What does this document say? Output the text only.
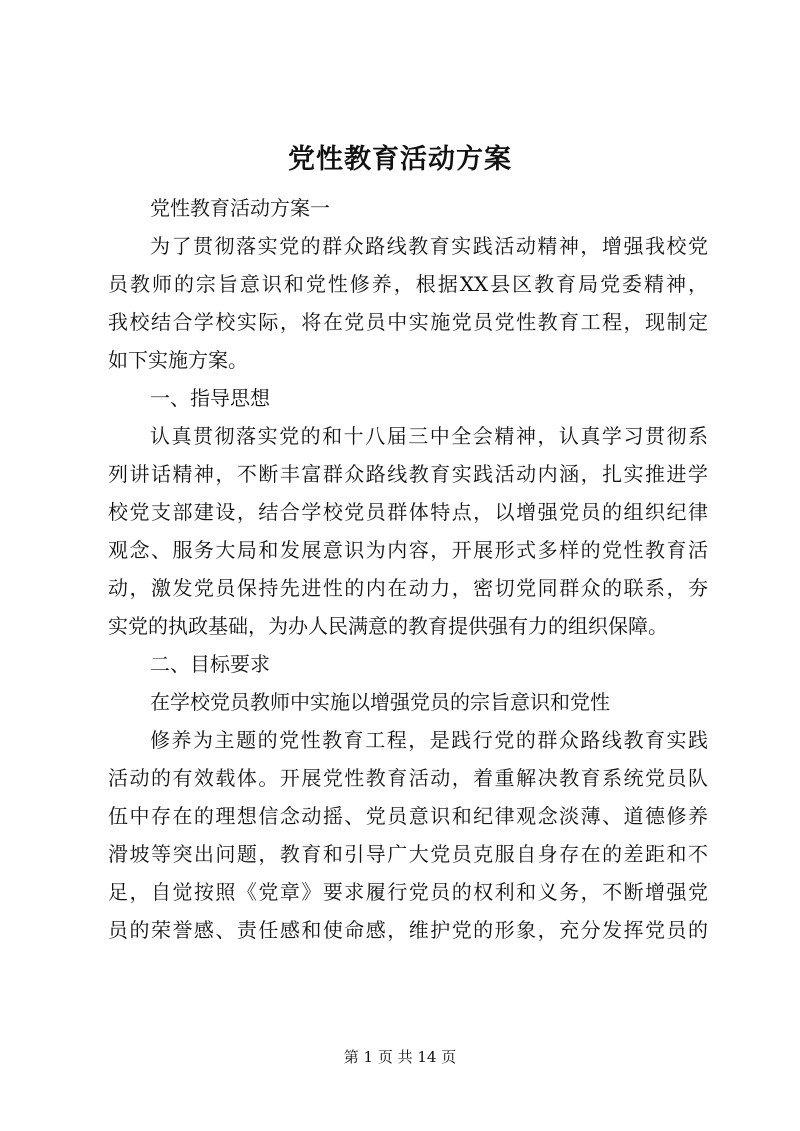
党性教育活动方案
党性教育活动方案一
为了贯彻落实党的群众路线教育实践活动精神，增强我校党
员教师的宗旨意识和党性修养，根据XX县区教育局党委精神，
我校结合学校实际，将在党员中实施党员党性教育工程，现制定
如下实施方案。
一、指导思想
认真贯彻落实党的和十八届三中全会精神，认真学习贯彻系
列讲话精神，不断丰富群众路线教育实践活动内涵，扎实推进学
校党支部建设，结合学校党员群体特点，以增强党员的组织纪律
观念、服务大局和发展意识为内容，开展形式多样的党性教育活
动，激发党员保持先进性的内在动力，密切党同群众的联系，夯
实党的执政基础，为办人民满意的教育提供强有力的组织保障。
二、目标要求
在学校党员教师中实施以增强党员的宗旨意识和党性
修养为主题的党性教育工程，是践行党的群众路线教育实践
活动的有效载体。开展党性教育活动，着重解决教育系统党员队
伍中存在的理想信念动摇、党员意识和纪律观念淡薄、道德修养
滑坡等突出问题，教育和引导广大党员克服自身存在的差距和不
足，自觉按照《党章》要求履行党员的权利和义务，不断增强党
员的荣誉感、责任感和使命感，维护党的形象，充分发挥党员的
第 1 页 共 14 页
